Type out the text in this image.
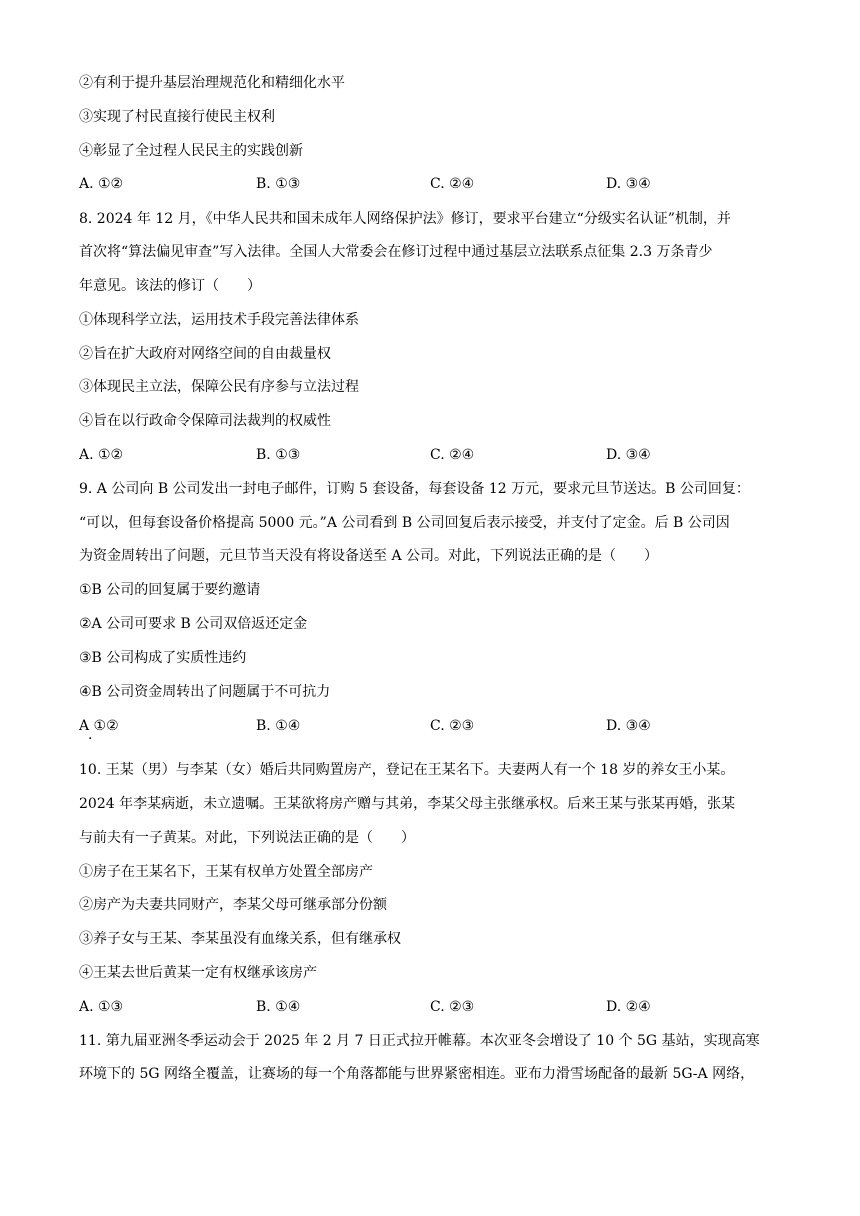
②有利于提升基层治理规范化和精细化水平
③实现了村民直接行使民主权利
④彰显了全过程人民民主的实践创新
A. ①②	B. ①③	C. ②④	D. ③④
8. 2024 年 12 月，《中华人民共和国未成年人网络保护法》修订，要求平台建立“分级实名认证”机制，并
首次将“算法偏见审查”写入法律。全国人大常委会在修订过程中通过基层立法联系点征集 2.3 万条青少
年意见。该法的修订（　　）
①体现科学立法，运用技术手段完善法律体系
②旨在扩大政府对网络空间的自由裁量权
③体现民主立法，保障公民有序参与立法过程
④旨在以行政命令保障司法裁判的权威性
A. ①②	B. ①③	C. ②④	D. ③④
9. A 公司向 B 公司发出一封电子邮件，订购 5 套设备，每套设备 12 万元，要求元旦节送达。B 公司回复：
“可以，但每套设备价格提高 5000 元。”A 公司看到 B 公司回复后表示接受，并支付了定金。后 B 公司因
为资金周转出了问题，元旦节当天没有将设备送至 A 公司。对此，下列说法正确的是（　　）
①B 公司的回复属于要约邀请
②A 公司可要求 B 公司双倍返还定金
③B 公司构成了实质性违约
④B 公司资金周转出了问题属于不可抗力
A ①②	B. ①④	C. ②③	D. ③④
·
10. 王某（男）与李某（女）婚后共同购置房产，登记在王某名下。夫妻两人有一个 18 岁的养女王小某。
2024 年李某病逝，未立遗嘱。王某欲将房产赠与其弟，李某父母主张继承权。后来王某与张某再婚，张某
与前夫有一子黄某。对此，下列说法正确的是（　　）
①房子在王某名下，王某有权单方处置全部房产
②房产为夫妻共同财产，李某父母可继承部分份额
③养子女与王某、李某虽没有血缘关系，但有继承权
④王某去世后黄某一定有权继承该房产
A. ①③	B. ①④	C. ②③	D. ②④
11. 第九届亚洲冬季运动会于 2025 年 2 月 7 日正式拉开帷幕。本次亚冬会增设了 10 个 5G 基站，实现高寒
环境下的 5G 网络全覆盖，让赛场的每一个角落都能与世界紧密相连。亚布力滑雪场配备的最新 5G-A 网络，
